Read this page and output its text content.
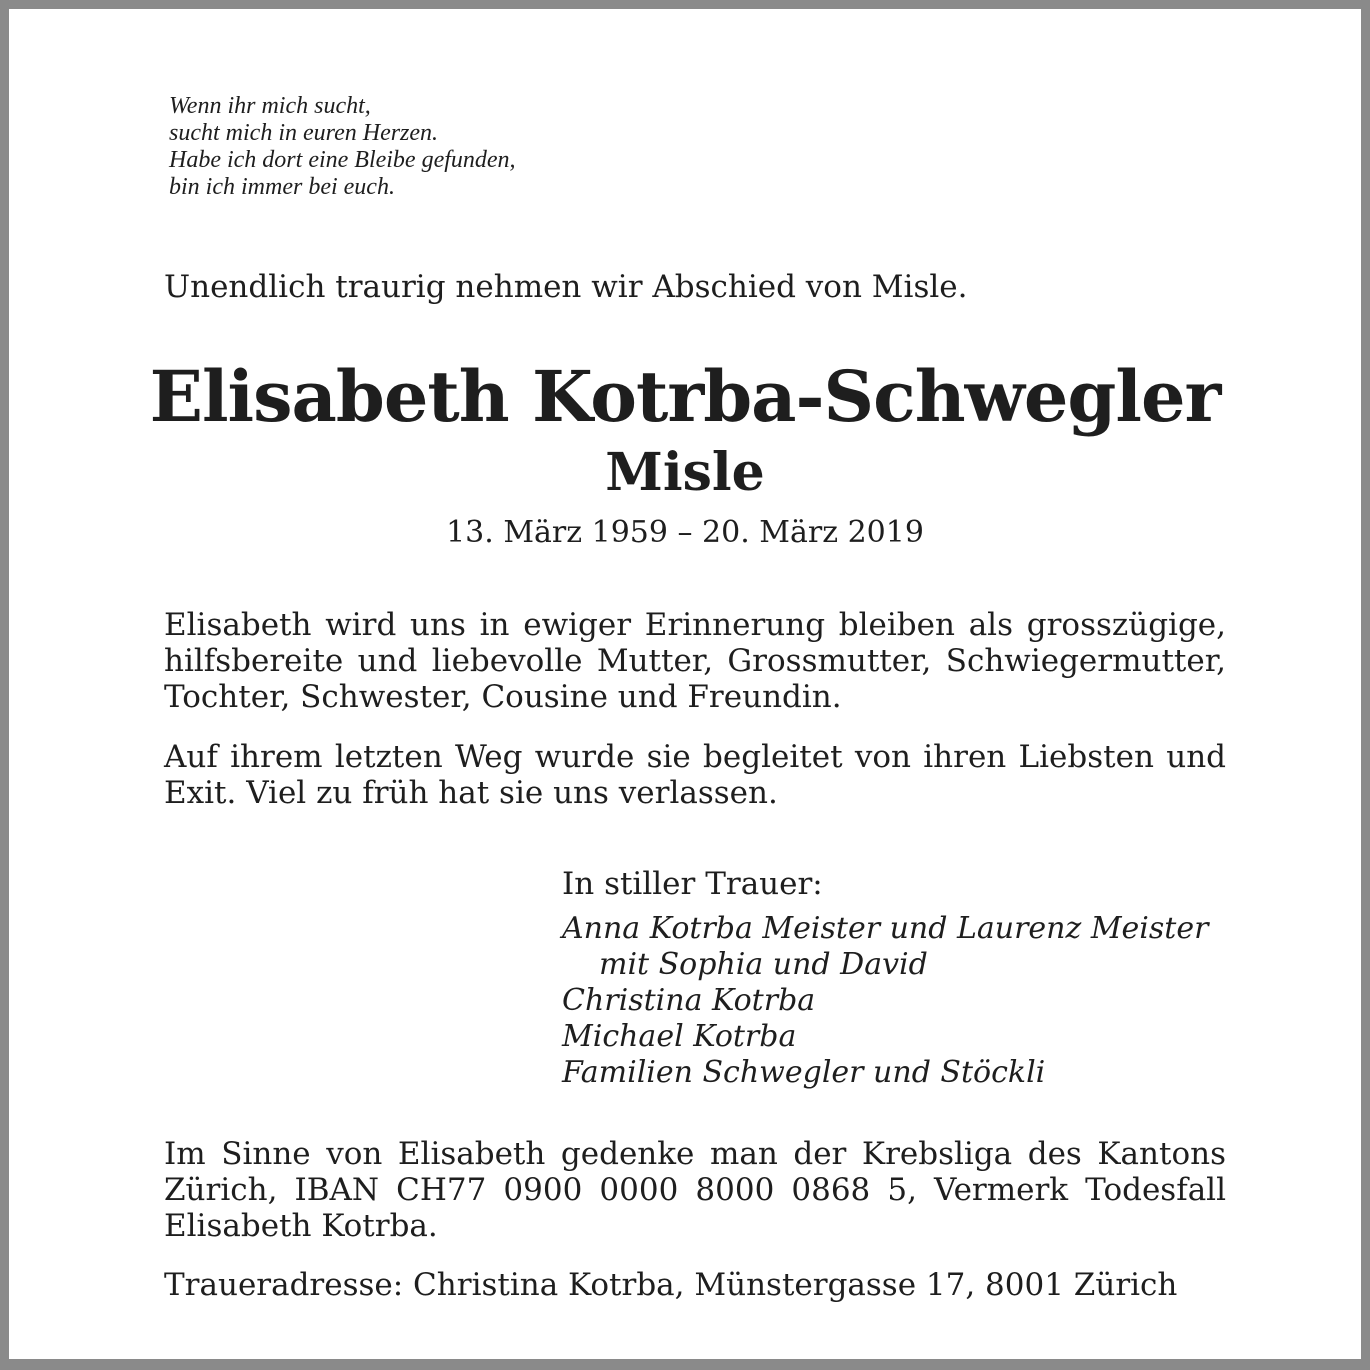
Wenn ihr mich sucht,
sucht mich in euren Herzen.
Habe ich dort eine Bleibe gefunden,
bin ich immer bei euch.

Unendlich traurig nehmen wir Abschied von Misle.

Elisabeth Kotrba-Schwegler
Misle

13. März 1959 – 20. März 2019

Elisabeth wird uns in ewiger Erinnerung bleiben als grosszügige, hilfsbereite und liebevolle Mutter, Grossmutter, Schwiegermutter, Tochter, Schwester, Cousine und Freundin.

Auf ihrem letzten Weg wurde sie begleitet von ihren Liebsten und Exit. Viel zu früh hat sie uns verlassen.

In stiller Trauer:
Anna Kotrba Meister und Laurenz Meister
mit Sophia und David
Christina Kotrba
Michael Kotrba
Familien Schwegler und Stöckli

Im Sinne von Elisabeth gedenke man der Krebsliga des Kantons Zürich, IBAN CH77 0900 0000 8000 0868 5, Vermerk Todesfall Elisabeth Kotrba.

Traueradresse: Christina Kotrba, Münstergasse 17, 8001 Zürich
